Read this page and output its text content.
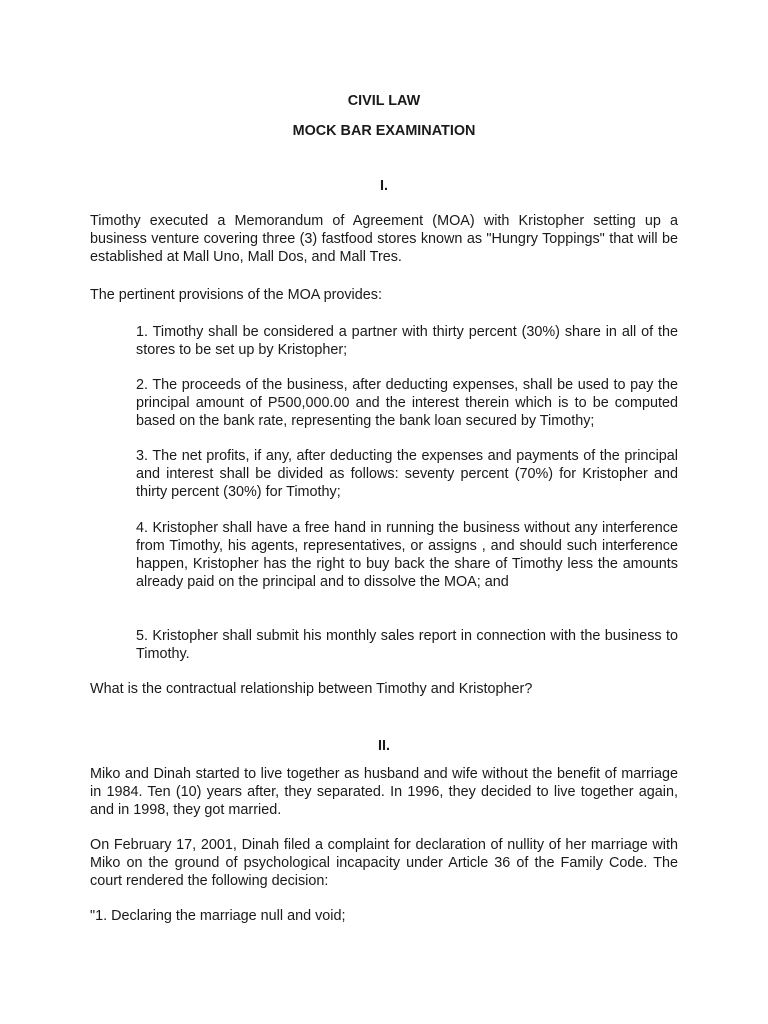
CIVIL LAW
MOCK BAR EXAMINATION
I.

Timothy executed a Memorandum of Agreement (MOA) with Kristopher setting up a business venture covering three (3) fastfood stores known as "Hungry Toppings" that will be established at Mall Uno, Mall Dos, and Mall Tres.

The pertinent provisions of the MOA provides:

1. Timothy shall be considered a partner with thirty percent (30%) share in all of the stores to be set up by Kristopher;

2. The proceeds of the business, after deducting expenses, shall be used to pay the principal amount of P500,000.00 and the interest therein which is to be computed based on the bank rate, representing the bank loan secured by Timothy;

3. The net profits, if any, after deducting the expenses and payments of the principal and interest shall be divided as follows: seventy percent (70%) for Kristopher and thirty percent (30%) for Timothy;

4. Kristopher shall have a free hand in running the business without any interference from Timothy, his agents, representatives, or assigns , and should such interference happen, Kristopher has the right to buy back the share of Timothy less the amounts already paid on the principal and to dissolve the MOA; and

5. Kristopher shall submit his monthly sales report in connection with the business to Timothy.

What is the contractual relationship between Timothy and Kristopher?

II.

Miko and Dinah started to live together as husband and wife without the benefit of marriage in 1984. Ten (10) years after, they separated. In 1996, they decided to live together again, and in 1998, they got married.

On February 17, 2001, Dinah filed a complaint for declaration of nullity of her marriage with Miko on the ground of psychological incapacity under Article 36 of the Family Code. The court rendered the following decision:

"1. Declaring the marriage null and void;
